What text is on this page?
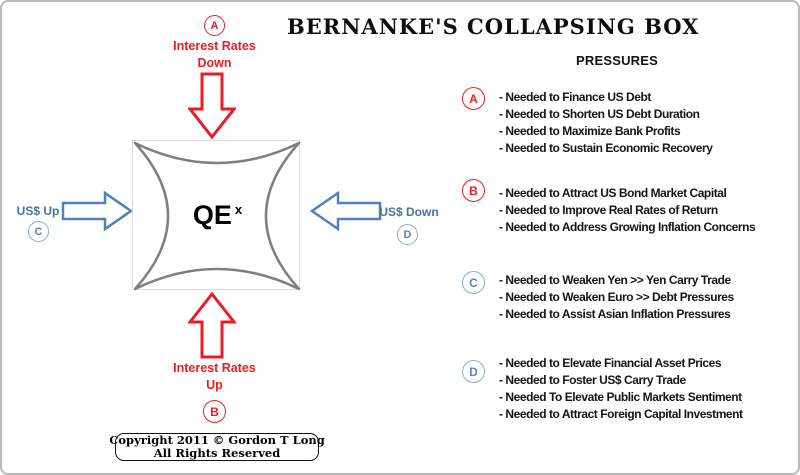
BERNANKE'S COLLAPSING BOX
A
Interest Rates
Down
US$ Up
C
US$ Down
D
$QE^x$
Interest Rates
Up
B
PRESSURES
A	- Needed to Finance US Debt
- Needed to Shorten US Debt Duration
- Needed to Maximize Bank Profits
- Needed to Sustain Economic Recovery
B	- Needed to Attract US Bond Market Capital
- Needed to Improve Real Rates of Return
- Needed to Address Growing Inflation Concerns
C	- Needed to Weaken Yen >> Yen Carry Trade
- Needed to Weaken Euro >> Debt Pressures
- Needed to Assist Asian Inflation Pressures
D
- Needed to Elevate Financial Asset Prices
- Needed to Foster US$ Carry Trade
- Needed To Elevate Public Markets Sentiment
- Needed to Attract Foreign Capital Investment
Copyright 2011 © Gordon T Long
All Rights Reserved
